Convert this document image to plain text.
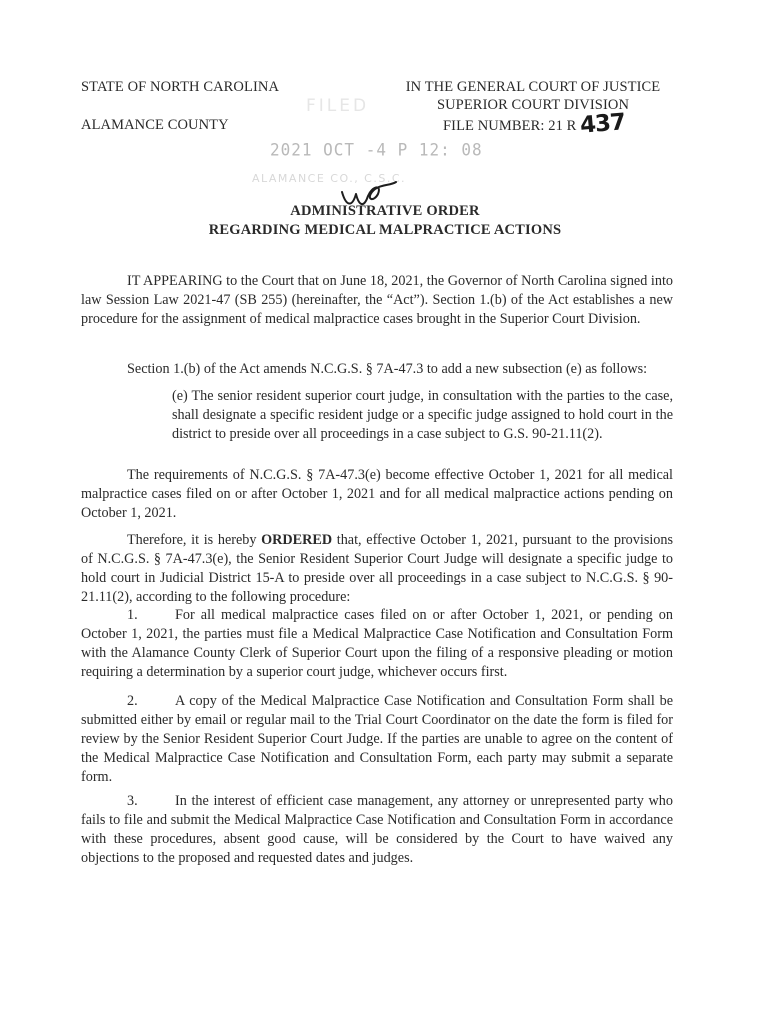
STATE OF NORTH CAROLINA
ALAMANCE COUNTY
IN THE GENERAL COURT OF JUSTICE
SUPERIOR COURT DIVISION
FILE NUMBER: 21 R 437
FILED
2021 OCT -4 P 12: 08
ALAMANCE CO., C.S.C.
ADMINISTRATIVE ORDER
REGARDING MEDICAL MALPRACTICE ACTIONS
IT APPEARING to the Court that on June 18, 2021, the Governor of North Carolina signed into law Session Law 2021-47 (SB 255) (hereinafter, the “Act”). Section 1.(b) of the Act establishes a new procedure for the assignment of medical malpractice cases brought in the Superior Court Division.
Section 1.(b) of the Act amends N.C.G.S. § 7A-47.3 to add a new subsection (e) as follows:
(e) The senior resident superior court judge, in consultation with the parties to the case, shall designate a specific resident judge or a specific judge assigned to hold court in the district to preside over all proceedings in a case subject to G.S. 90-21.11(2).
The requirements of N.C.G.S. § 7A-47.3(e) become effective October 1, 2021 for all medical malpractice cases filed on or after October 1, 2021 and for all medical malpractice actions pending on October 1, 2021.
Therefore, it is hereby ORDERED that, effective October 1, 2021, pursuant to the provisions of N.C.G.S. § 7A-47.3(e), the Senior Resident Superior Court Judge will designate a specific judge to hold court in Judicial District 15-A to preside over all proceedings in a case subject to N.C.G.S. § 90-21.11(2), according to the following procedure:
1.	For all medical malpractice cases filed on or after October 1, 2021, or pending on October 1, 2021, the parties must file a Medical Malpractice Case Notification and Consultation Form with the Alamance County Clerk of Superior Court upon the filing of a responsive pleading or motion requiring a determination by a superior court judge, whichever occurs first.
2.	A copy of the Medical Malpractice Case Notification and Consultation Form shall be submitted either by email or regular mail to the Trial Court Coordinator on the date the form is filed for review by the Senior Resident Superior Court Judge. If the parties are unable to agree on the content of the Medical Malpractice Case Notification and Consultation Form, each party may submit a separate form.
3.	In the interest of efficient case management, any attorney or unrepresented party who fails to file and submit the Medical Malpractice Case Notification and Consultation Form in accordance with these procedures, absent good cause, will be considered by the Court to have waived any objections to the proposed and requested dates and judges.
